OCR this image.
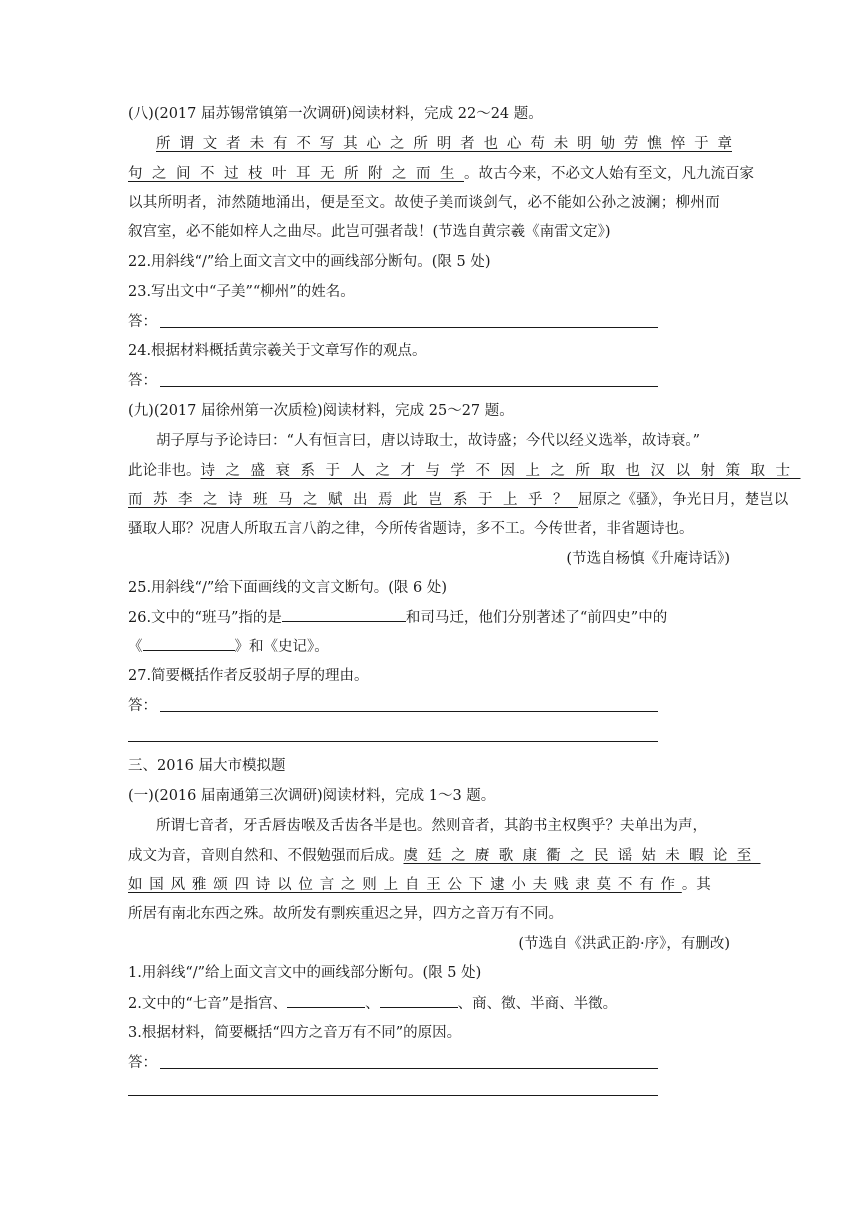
(八)(2017 届苏锡常镇第一次调研)阅读材料，完成 22～24 题。
所谓文者未有不写其心之所明者也心苟未明劬劳憔悴于章
句之间不过枝叶耳无所附之而生。故古今来，不必文人始有至文，凡九流百家
以其所明者，沛然随地涌出，便是至文。故使子美而谈剑气，必不能如公孙之波澜；柳州而
叙宫室，必不能如梓人之曲尽。此岂可强者哉！(节选自黄宗羲《南雷文定》)
22.用斜线“/”给上面文言文中的画线部分断句。(限 5 处)
23.写出文中“子美”“柳州”的姓名。
答：
24.根据材料概括黄宗羲关于文章写作的观点。
答：
(九)(2017 届徐州第一次质检)阅读材料，完成 25～27 题。
胡子厚与予论诗曰：“人有恒言曰，唐以诗取士，故诗盛；今代以经义选举，故诗衰。”
此论非也。诗之盛衰系于人之才与学不因上之所取也汉以射策取士
而苏李之诗班马之赋出焉此岂系于上乎？屈原之《骚》，争光日月，楚岂以
骚取人耶？况唐人所取五言八韵之律，今所传省题诗，多不工。今传世者，非省题诗也。
(节选自杨慎《升庵诗话》)
25.用斜线“/”给下面画线的文言文断句。(限 6 处)
26.文中的“班马”指的是	和司马迁，他们分别著述了“前四史”中的
《	》和《史记》。
27.简要概括作者反驳胡子厚的理由。
答：
三、2016 届大市模拟题
(一)(2016 届南通第三次调研)阅读材料，完成 1～3 题。
所谓七音者，牙舌唇齿喉及舌齿各半是也。然则音者，其韵书主权舆乎？夫单出为声，
成文为音，音则自然和、不假勉强而后成。虞廷之赓歌康衢之民谣姑未暇论至
如国风雅颂四诗以位言之则上自王公下逮小夫贱隶莫不有作。其
所居有南北东西之殊。故所发有剽疾重迟之异，四方之音万有不同。
(节选自《洪武正韵·序》，有删改)
1.用斜线“/”给上面文言文中的画线部分断句。(限 5 处)
2.文中的“七音”是指宫、	、	、商、徵、半商、半徵。
3.根据材料，简要概括“四方之音万有不同”的原因。
答：
